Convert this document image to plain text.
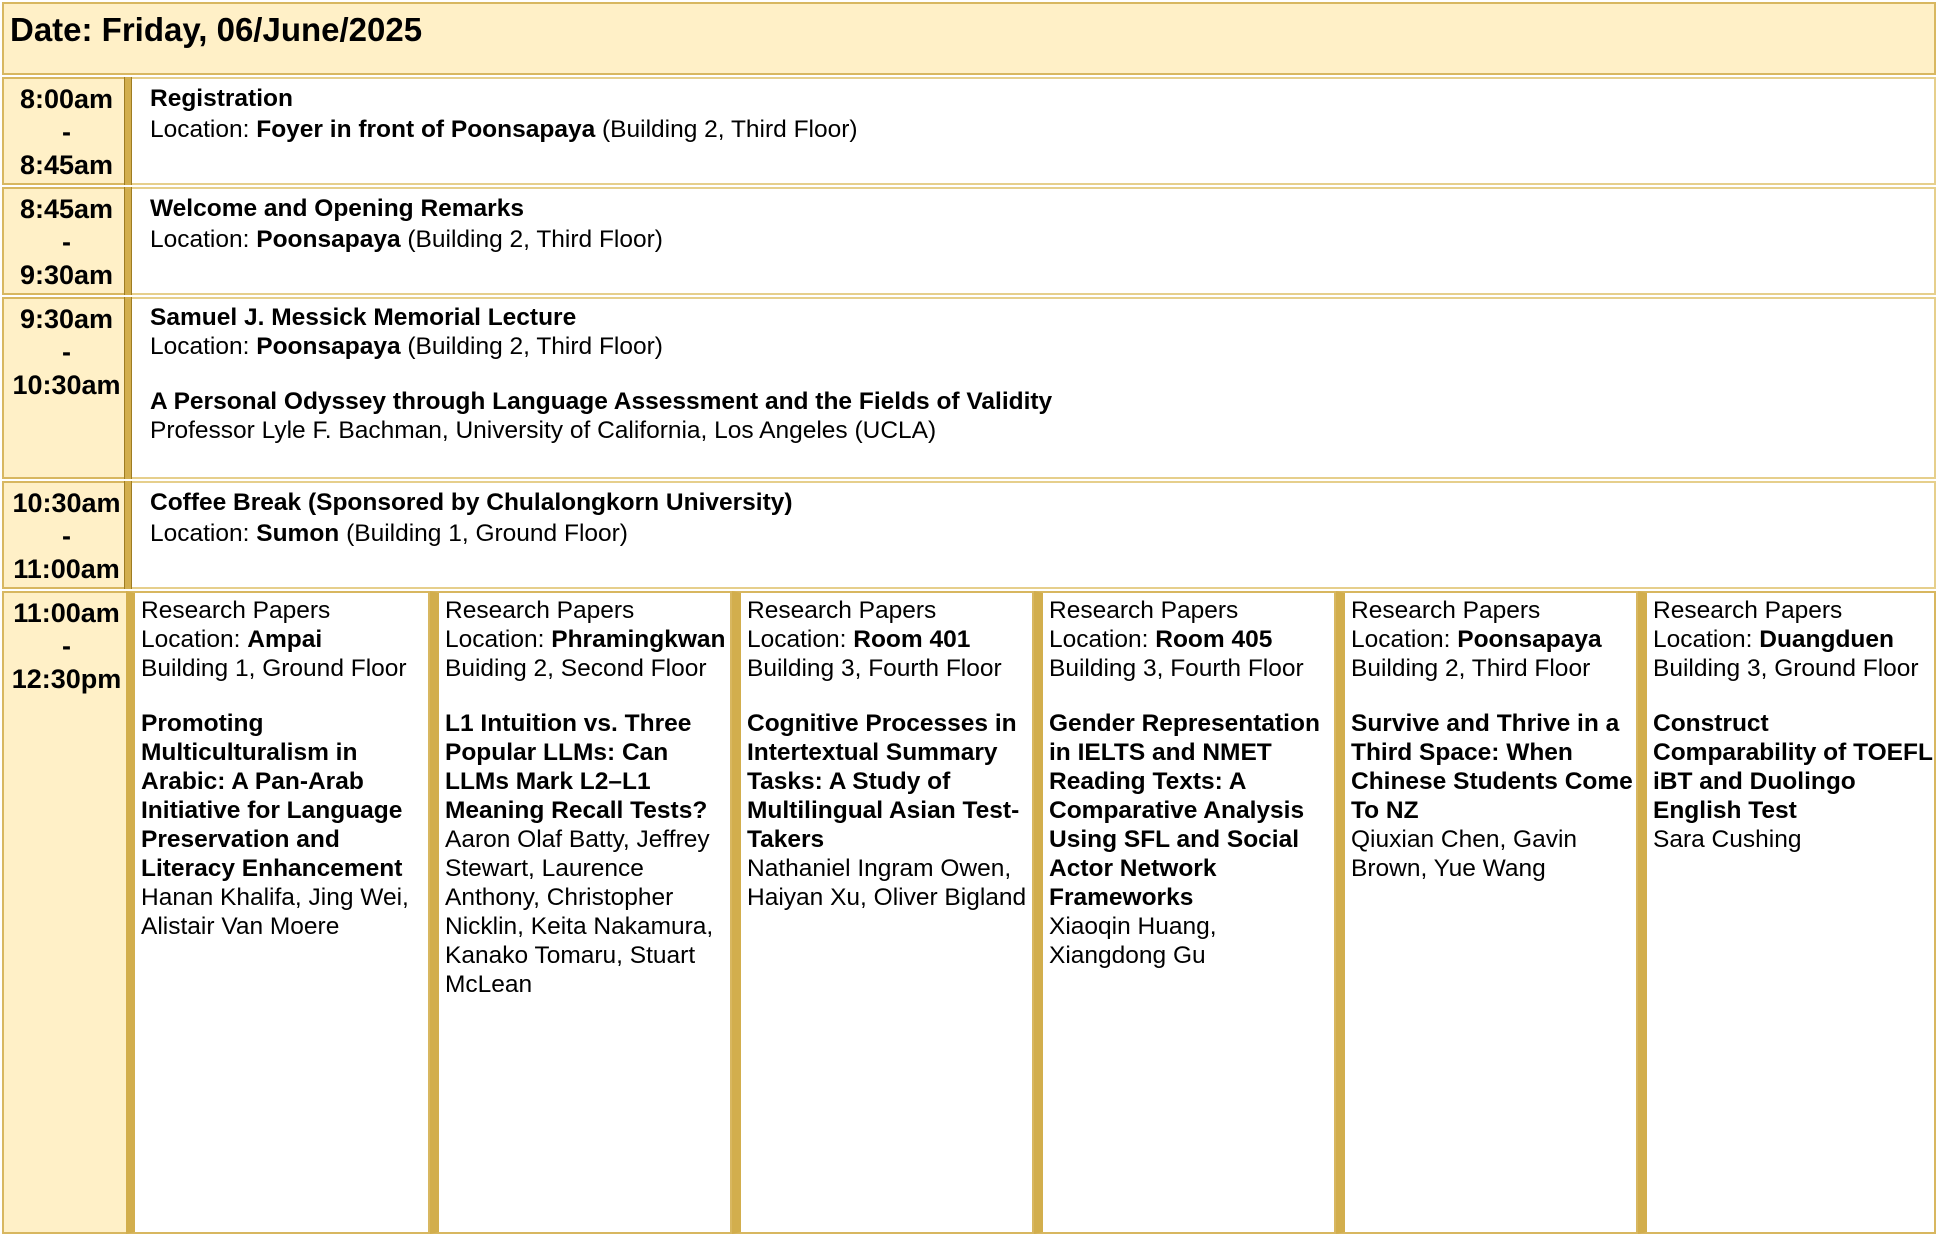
Date: Friday, 06/June/2025
8:00am
-
8:45am
Registration
Location: Foyer in front of Poonsapaya (Building 2, Third Floor)
8:45am
-
9:30am
Welcome and Opening Remarks
Location: Poonsapaya (Building 2, Third Floor)
9:30am
-
10:30am
Samuel J. Messick Memorial Lecture
Location: Poonsapaya (Building 2, Third Floor)
A Personal Odyssey through Language Assessment and the Fields of Validity
Professor Lyle F. Bachman, University of California, Los Angeles (UCLA)
10:30am
-
11:00am
Coffee Break (Sponsored by Chulalongkorn University)
Location: Sumon (Building 1, Ground Floor)
11:00am
-
12:30pm
Research Papers
Location: Ampai
Building 1, Ground Floor
Promoting Multiculturalism in Arabic: A Pan-Arab Initiative for Language Preservation and Literacy Enhancement
Hanan Khalifa, Jing Wei, Alistair Van Moere
Research Papers
Location: Phramingkwan
Buiding 2, Second Floor
L1 Intuition vs. Three Popular LLMs: Can LLMs Mark L2–L1 Meaning Recall Tests?
Aaron Olaf Batty, Jeffrey Stewart, Laurence Anthony, Christopher Nicklin, Keita Nakamura, Kanako Tomaru, Stuart McLean
Research Papers
Location: Room 401
Building 3, Fourth Floor
Cognitive Processes in Intertextual Summary Tasks: A Study of Multilingual Asian Test-Takers
Nathaniel Ingram Owen, Haiyan Xu, Oliver Bigland
Research Papers
Location: Room 405
Building 3, Fourth Floor
Gender Representation in IELTS and NMET Reading Texts: A Comparative Analysis Using SFL and Social Actor Network Frameworks
Xiaoqin Huang, Xiangdong Gu
Research Papers
Location: Poonsapaya
Building 2, Third Floor
Survive and Thrive in a Third Space: When Chinese Students Come To NZ
Qiuxian Chen, Gavin Brown, Yue Wang
Research Papers
Location: Duangduen
Building 3, Ground Floor
Construct Comparability of TOEFL iBT and Duolingo English Test
Sara Cushing
